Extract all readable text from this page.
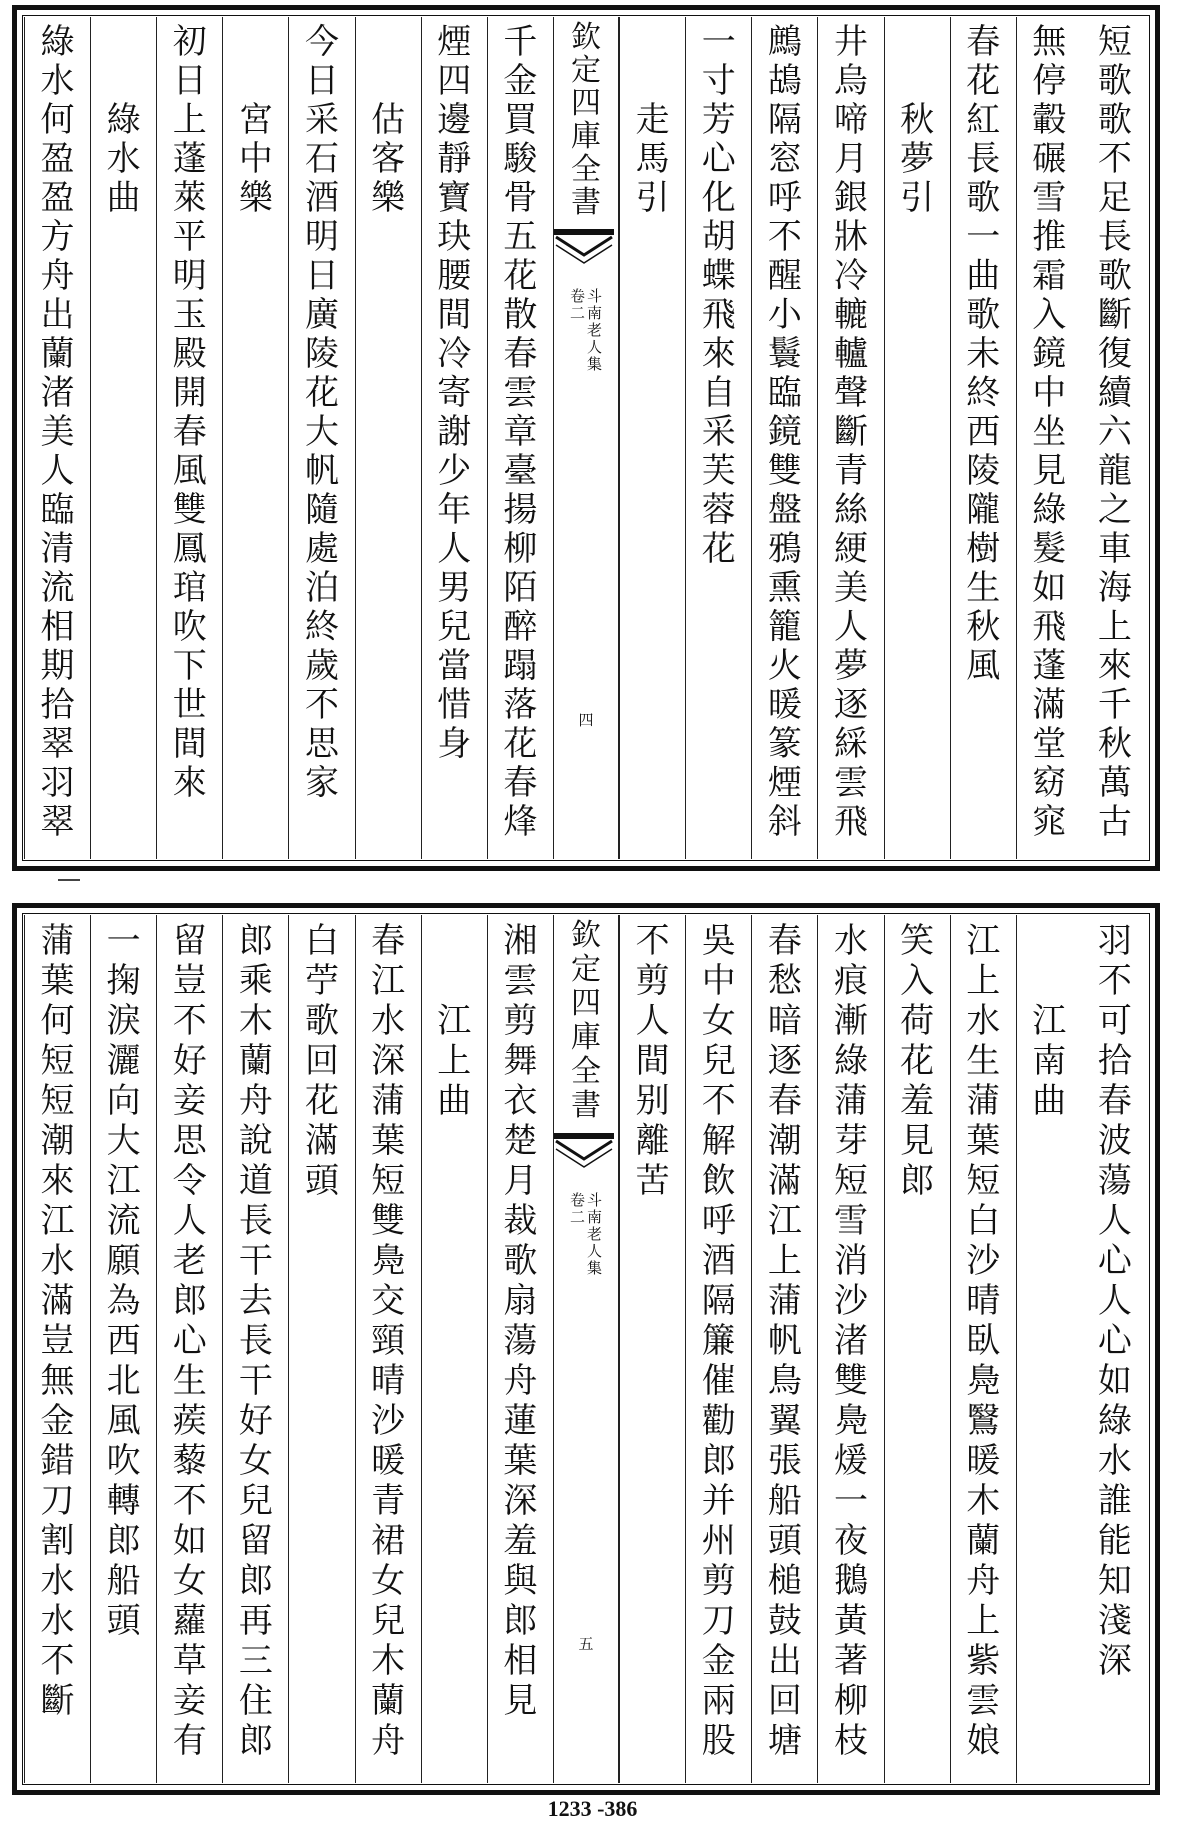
短
歌
歌
不
足
長
歌
斷
復
續
六
龍
之
車
海
上
來
千
秋
萬
古
無
停
轂
碾
雪
推
霜
入
鏡
中
坐
見
綠
髮
如
飛
蓬
滿
堂
窈
窕
春
花
紅
長
歌
一
曲
歌
未
終
西
陵
隴
樹
生
秋
風
秋
夢
引
井
烏
啼
月
銀
牀
冷
轆
轤
聲
斷
青
絲
綆
美
人
夢
逐
綵
雲
飛
鷓
鴣
隔
窓
呼
不
醒
小
鬟
臨
鏡
雙
盤
鴉
熏
籠
火
暖
篆
煙
斜
一
寸
芳
心
化
胡
蝶
飛
來
自
采
芙
蓉
花
走
馬
引
欽
定
四
庫
全
書
斗
南
老
人
集
卷
二
四
千
金
買
駿
骨
五
花
散
春
雲
章
臺
揚
柳
陌
醉
蹋
落
花
春
烽
煙
四
邊
靜
寶
玦
腰
間
冷
寄
謝
少
年
人
男
兒
當
惜
身
估
客
樂
今
日
采
石
酒
明
日
廣
陵
花
大
帆
隨
處
泊
終
歲
不
思
家
宮
中
樂
初
日
上
蓬
萊
平
明
玉
殿
開
春
風
雙
鳳
琯
吹
下
世
間
來
綠
水
曲
綠
水
何
盈
盈
方
舟
出
蘭
渚
美
人
臨
清
流
相
期
拾
翠
羽
翠
羽
不
可
拾
春
波
蕩
人
心
人
心
如
綠
水
誰
能
知
淺
深
江
南
曲
江
上
水
生
蒲
葉
短
白
沙
晴
臥
鳧
鷖
暖
木
蘭
舟
上
紫
雲
娘
笑
入
荷
花
羞
見
郎
水
痕
漸
綠
蒲
芽
短
雪
消
沙
渚
雙
鳧
煖
一
夜
鵝
黃
著
柳
枝
春
愁
暗
逐
春
潮
滿
江
上
蒲
帆
鳥
翼
張
船
頭
槌
鼓
出
回
塘
吳
中
女
兒
不
解
飲
呼
酒
隔
簾
催
勸
郎
并
州
剪
刀
金
兩
股
不
剪
人
間
别
離
苦
欽
定
四
庫
全
書
斗
南
老
人
集
卷
二
五
湘
雲
剪
舞
衣
楚
月
裁
歌
扇
蕩
舟
蓮
葉
深
羞
與
郎
相
見
江
上
曲
春
江
水
深
蒲
葉
短
雙
鳧
交
頸
晴
沙
暖
青
裙
女
兒
木
蘭
舟
白
苧
歌
回
花
滿
頭
郎
乘
木
蘭
舟
說
道
長
干
去
長
干
好
女
兒
留
郎
再
三
住
郎
留
豈
不
好
妾
思
令
人
老
郎
心
生
蒺
藜
不
如
女
蘿
草
妾
有
一
掬
淚
灑
向
大
江
流
願
為
西
北
風
吹
轉
郎
船
頭
蒲
葉
何
短
短
潮
來
江
水
滿
豈
無
金
錯
刀
割
水
水
不
斷
1233 -386
